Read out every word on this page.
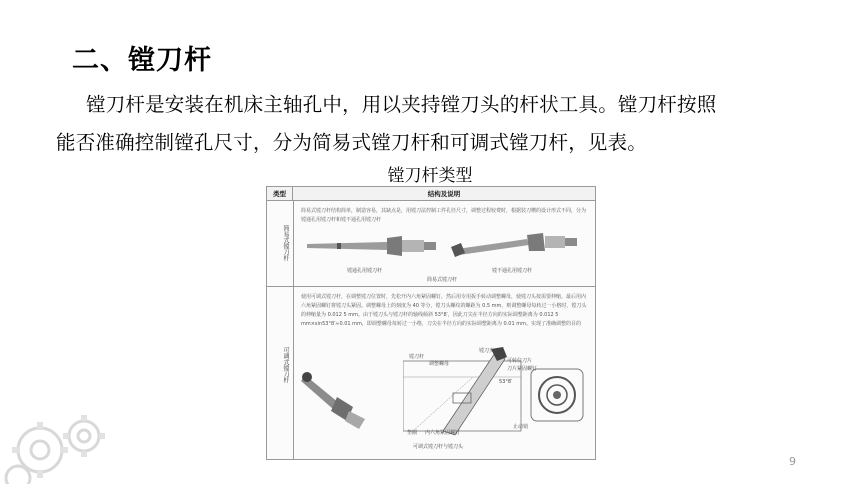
二、镗刀杆
镗刀杆是安装在机床主轴孔中，用以夹持镗刀头的杆状工具。镗刀杆按照
能否准确控制镗孔尺寸，分为简易式镗刀杆和可调式镗刀杆，见表。
镗刀杆类型
类型	结构及说明
简易式镗刀杆
简易式镗刀杆结构简单，制造容易，其缺点是，用镗刀法控制工件孔径尺寸，调整过程较费时，根据装刀槽的设计形式不同，分为镗通孔用镗刀杆和镗不通孔用镗刀杆
镗通孔用镗刀杆	镗不通孔用镗刀杆
简易式镗刀杆
可调式镗刀杆
使用可调式镗刀杆，在调整镗刀位置时，先松开内六角紧固螺钉，然后用专用扳手转动调整螺母，使镗刀头按需要伸缩。最后用内六角紧固螺钉将镗刀头紧固。调整螺母上的刻度为 40 等分，镗刀头螺纹的螺距为 0.5 mm，则调整螺母每转过一小格时，镗刀头的伸缩量为 0.012 5 mm。由于镗刀头与镗刀杆的轴线倾斜 53°8′，因此刀尖在半径方向的实际调整距离为 0.012 5 mm×sin53°8′≈0.01 mm，即调整螺母每转过一小格，刀尖在半径方向的实际调整距离为 0.01 mm。实现了准确调整的目的
镗刀杆
调整螺母
镗刀头
可转位刀片
刀片紧固螺钉
53°8′
垫圈 内六角紧固螺钉
止动销
可调式镗刀杆与镗刀头
9
